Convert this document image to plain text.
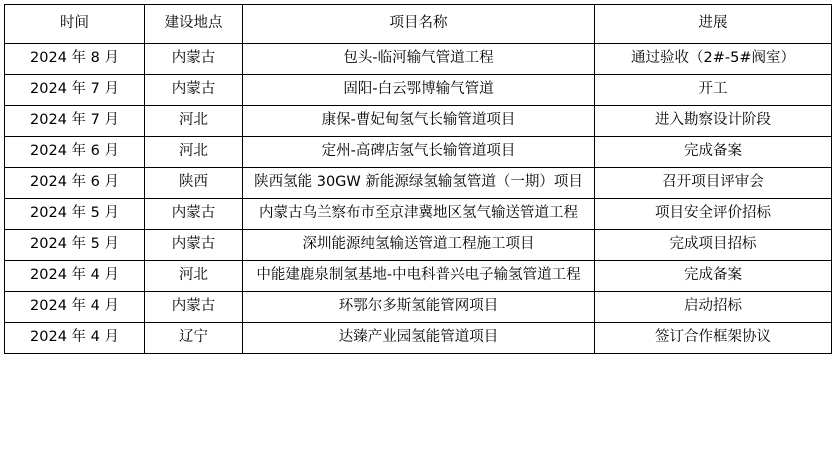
时间	建设地点	项目名称	进展
2024 年 8 月	内蒙古	包头-临河输气管道工程	通过验收（2#-5#阀室）
2024 年 7 月	内蒙古	固阳-白云鄂博输气管道	开工
2024 年 7 月	河北	康保-曹妃甸氢气长输管道项目	进入勘察设计阶段
2024 年 6 月	河北	定州-高碑店氢气长输管道项目	完成备案
2024 年 6 月	陕西	陕西氢能 30GW 新能源绿氢输氢管道（一期）项目	召开项目评审会
2024 年 5 月	内蒙古	内蒙古乌兰察布市至京津冀地区氢气输送管道工程	项目安全评价招标
2024 年 5 月	内蒙古	深圳能源纯氢输送管道工程施工项目	完成项目招标
2024 年 4 月	河北	中能建鹿泉制氢基地-中电科普兴电子输氢管道工程	完成备案
2024 年 4 月	内蒙古	环鄂尔多斯氢能管网项目	启动招标
2024 年 4 月	辽宁	达臻产业园氢能管道项目	签订合作框架协议
